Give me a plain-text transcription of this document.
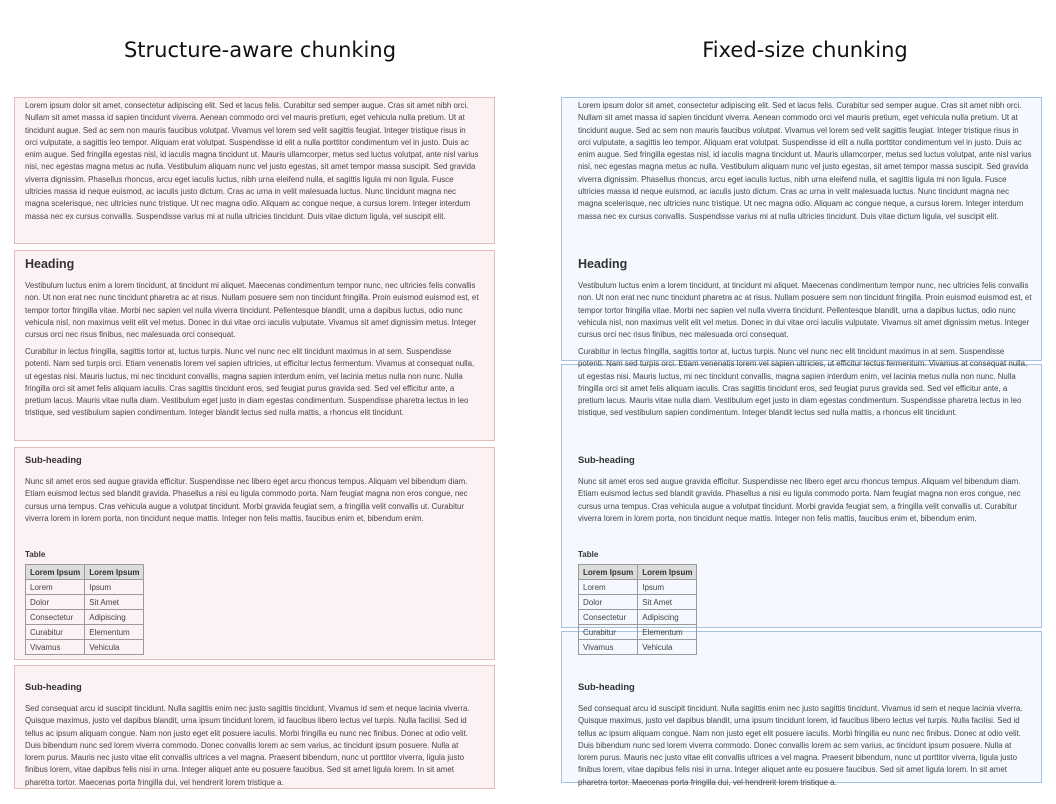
Structure-aware chunking	Fixed-size chunking

Lorem ipsum dolor sit amet, consectetur adipiscing elit. Sed et lacus felis. Curabitur sed semper augue. Cras sit amet nibh orci. Nullam sit amet massa id sapien tincidunt viverra. Aenean commodo orci vel mauris pretium, eget vehicula nulla pretium. Ut at tincidunt augue. Sed ac sem non mauris faucibus volutpat. Vivamus vel lorem sed velit sagittis feugiat. Integer tristique risus in orci vulputate, a sagittis leo tempor. Aliquam erat volutpat. Suspendisse id elit a nulla porttitor condimentum vel in justo. Duis ac enim augue. Sed fringilla egestas nisl, id iaculis magna tincidunt ut. Mauris ullamcorper, metus sed luctus volutpat, ante nisl varius nisi, nec egestas magna metus ac nulla. Vestibulum aliquam nunc vel justo egestas, sit amet tempor massa suscipit. Sed gravida viverra dignissim. Phasellus rhoncus, arcu eget iaculis luctus, nibh urna eleifend nulla, et sagittis ligula mi non ligula. Fusce ultricies massa id neque euismod, ac iaculis justo dictum. Cras ac urna in velit malesuada luctus. Nunc tincidunt magna nec magna scelerisque, nec ultricies nunc tristique. Ut nec magna odio. Aliquam ac congue neque, a cursus lorem. Integer interdum massa nec ex cursus convallis. Suspendisse varius mi at nulla ultricies tincidunt. Duis vitae dictum ligula, vel suscipit elit.

Heading

Vestibulum luctus enim a lorem tincidunt, at tincidunt mi aliquet. Maecenas condimentum tempor nunc, nec ultricies felis convallis non. Ut non erat nec nunc tincidunt pharetra ac at risus. Nullam posuere sem non tincidunt fringilla. Proin euismod euismod est, et tempor tortor fringilla vitae. Morbi nec sapien vel nulla viverra tincidunt. Pellentesque blandit, urna a dapibus luctus, odio nunc vehicula nisl, non maximus velit elit vel metus. Donec in dui vitae orci iaculis vulputate. Vivamus sit amet dignissim metus. Integer cursus orci nec risus finibus, nec malesuada orci consequat.

Curabitur in lectus fringilla, sagittis tortor at, luctus turpis. Nunc vel nunc nec elit tincidunt maximus in at sem. Suspendisse potenti. Nam sed turpis orci. Etiam venenatis lorem vel sapien ultricies, ut efficitur lectus fermentum. Vivamus at consequat nulla, ut egestas nisi. Mauris luctus, mi nec tincidunt convallis, magna sapien interdum enim, vel lacinia metus nulla non nunc. Nulla fringilla orci sit amet felis aliquam iaculis. Cras sagittis tincidunt eros, sed feugiat purus gravida sed. Sed vel efficitur ante, a pretium lacus. Mauris vitae nulla diam. Vestibulum eget justo in diam egestas condimentum. Suspendisse pharetra lectus in leo tristique, sed vestibulum sapien condimentum. Integer blandit lectus sed nulla mattis, a rhoncus elit tincidunt.

Sub-heading

Nunc sit amet eros sed augue gravida efficitur. Suspendisse nec libero eget arcu rhoncus tempus. Aliquam vel bibendum diam. Etiam euismod lectus sed blandit gravida. Phasellus a nisi eu ligula commodo porta. Nam feugiat magna non eros congue, nec cursus urna tempus. Cras vehicula augue a volutpat tincidunt. Morbi gravida feugiat sem, a fringilla velit convallis ut. Curabitur viverra lorem in lorem porta, non tincidunt neque mattis. Integer non felis mattis, faucibus enim et, bibendum enim.

Table

Lorem Ipsum	Lorem Ipsum
Lorem	Ipsum
Dolor	Sit Amet
Consectetur	Adipiscing
Curabitur	Elementum
Vivamus	Vehicula

Sub-heading

Sed consequat arcu id suscipit tincidunt. Nulla sagittis enim nec justo sagittis tincidunt. Vivamus id sem et neque lacinia viverra. Quisque maximus, justo vel dapibus blandit, urna ipsum tincidunt lorem, id faucibus libero lectus vel turpis. Nulla facilisi. Sed id tellus ac ipsum aliquam congue. Nam non justo eget elit posuere iaculis. Morbi fringilla eu nunc nec finibus. Donec at odio velit. Duis bibendum nunc sed lorem viverra commodo. Donec convallis lorem ac sem varius, ac tincidunt ipsum posuere. Nulla at lorem purus. Mauris nec justo vitae elit convallis ultrices a vel magna. Praesent bibendum, nunc ut porttitor viverra, ligula justo finibus lorem, vitae dapibus felis nisi in urna. Integer aliquet ante eu posuere faucibus. Sed sit amet ligula lorem. In sit amet pharetra tortor. Maecenas porta fringilla dui, vel hendrerit lorem tristique a.

Lorem ipsum dolor sit amet, consectetur adipiscing elit. Sed et lacus felis. Curabitur sed semper augue. Cras sit amet nibh orci. Nullam sit amet massa id sapien tincidunt viverra. Aenean commodo orci vel mauris pretium, eget vehicula nulla pretium. Ut at tincidunt augue. Sed ac sem non mauris faucibus volutpat. Vivamus vel lorem sed velit sagittis feugiat. Integer tristique risus in orci vulputate, a sagittis leo tempor. Aliquam erat volutpat. Suspendisse id elit a nulla porttitor condimentum vel in justo. Duis ac enim augue. Sed fringilla egestas nisl, id iaculis magna tincidunt ut. Mauris ullamcorper, metus sed luctus volutpat, ante nisl varius nisi, nec egestas magna metus ac nulla. Vestibulum aliquam nunc vel justo egestas, sit amet tempor massa suscipit. Sed gravida viverra dignissim. Phasellus rhoncus, arcu eget iaculis luctus, nibh urna eleifend nulla, et sagittis ligula mi non ligula. Fusce ultricies massa id neque euismod, ac iaculis justo dictum. Cras ac urna in velit malesuada luctus. Nunc tincidunt magna nec magna scelerisque, nec ultricies nunc tristique. Ut nec magna odio. Aliquam ac congue neque, a cursus lorem. Integer interdum massa nec ex cursus convallis. Suspendisse varius mi at nulla ultricies tincidunt. Duis vitae dictum ligula, vel suscipit elit.

Heading

Vestibulum luctus enim a lorem tincidunt, at tincidunt mi aliquet. Maecenas condimentum tempor nunc, nec ultricies felis convallis non. Ut non erat nec nunc tincidunt pharetra ac at risus. Nullam posuere sem non tincidunt fringilla. Proin euismod euismod est, et tempor tortor fringilla vitae. Morbi nec sapien vel nulla viverra tincidunt. Pellentesque blandit, urna a dapibus luctus, odio nunc vehicula nisl, non maximus velit elit vel metus. Donec in dui vitae orci iaculis vulputate. Vivamus sit amet dignissim metus. Integer cursus orci nec risus finibus, nec malesuada orci consequat.

Curabitur in lectus fringilla, sagittis tortor at, luctus turpis. Nunc vel nunc nec elit tincidunt maximus in at sem. Suspendisse potenti. Nam sed turpis orci. Etiam venenatis lorem vel sapien ultricies, ut efficitur lectus fermentum. Vivamus at consequat nulla, ut egestas nisi. Mauris luctus, mi nec tincidunt convallis, magna sapien interdum enim, vel lacinia metus nulla non nunc. Nulla fringilla orci sit amet felis aliquam iaculis. Cras sagittis tincidunt eros, sed feugiat purus gravida sed. Sed vel efficitur ante, a pretium lacus. Mauris vitae nulla diam. Vestibulum eget justo in diam egestas condimentum. Suspendisse pharetra lectus in leo tristique, sed vestibulum sapien condimentum. Integer blandit lectus sed nulla mattis, a rhoncus elit tincidunt.

Sub-heading

Nunc sit amet eros sed augue gravida efficitur. Suspendisse nec libero eget arcu rhoncus tempus. Aliquam vel bibendum diam. Etiam euismod lectus sed blandit gravida. Phasellus a nisi eu ligula commodo porta. Nam feugiat magna non eros congue, nec cursus urna tempus. Cras vehicula augue a volutpat tincidunt. Morbi gravida feugiat sem, a fringilla velit convallis ut. Curabitur viverra lorem in lorem porta, non tincidunt neque mattis. Integer non felis mattis, faucibus enim et, bibendum enim.

Table

Lorem Ipsum	Lorem Ipsum
Lorem	Ipsum
Dolor	Sit Amet
Consectetur	Adipiscing
Curabitur	Elementum
Vivamus	Vehicula

Sub-heading

Sed consequat arcu id suscipit tincidunt. Nulla sagittis enim nec justo sagittis tincidunt. Vivamus id sem et neque lacinia viverra. Quisque maximus, justo vel dapibus blandit, urna ipsum tincidunt lorem, id faucibus libero lectus vel turpis. Nulla facilisi. Sed id tellus ac ipsum aliquam congue. Nam non justo eget elit posuere iaculis. Morbi fringilla eu nunc nec finibus. Donec at odio velit. Duis bibendum nunc sed lorem viverra commodo. Donec convallis lorem ac sem varius, ac tincidunt ipsum posuere. Nulla at lorem purus. Mauris nec justo vitae elit convallis ultrices a vel magna. Praesent bibendum, nunc ut porttitor viverra, ligula justo finibus lorem, vitae dapibus felis nisi in urna. Integer aliquet ante eu posuere faucibus. Sed sit amet ligula lorem. In sit amet pharetra tortor. Maecenas porta fringilla dui, vel hendrerit lorem tristique a.
